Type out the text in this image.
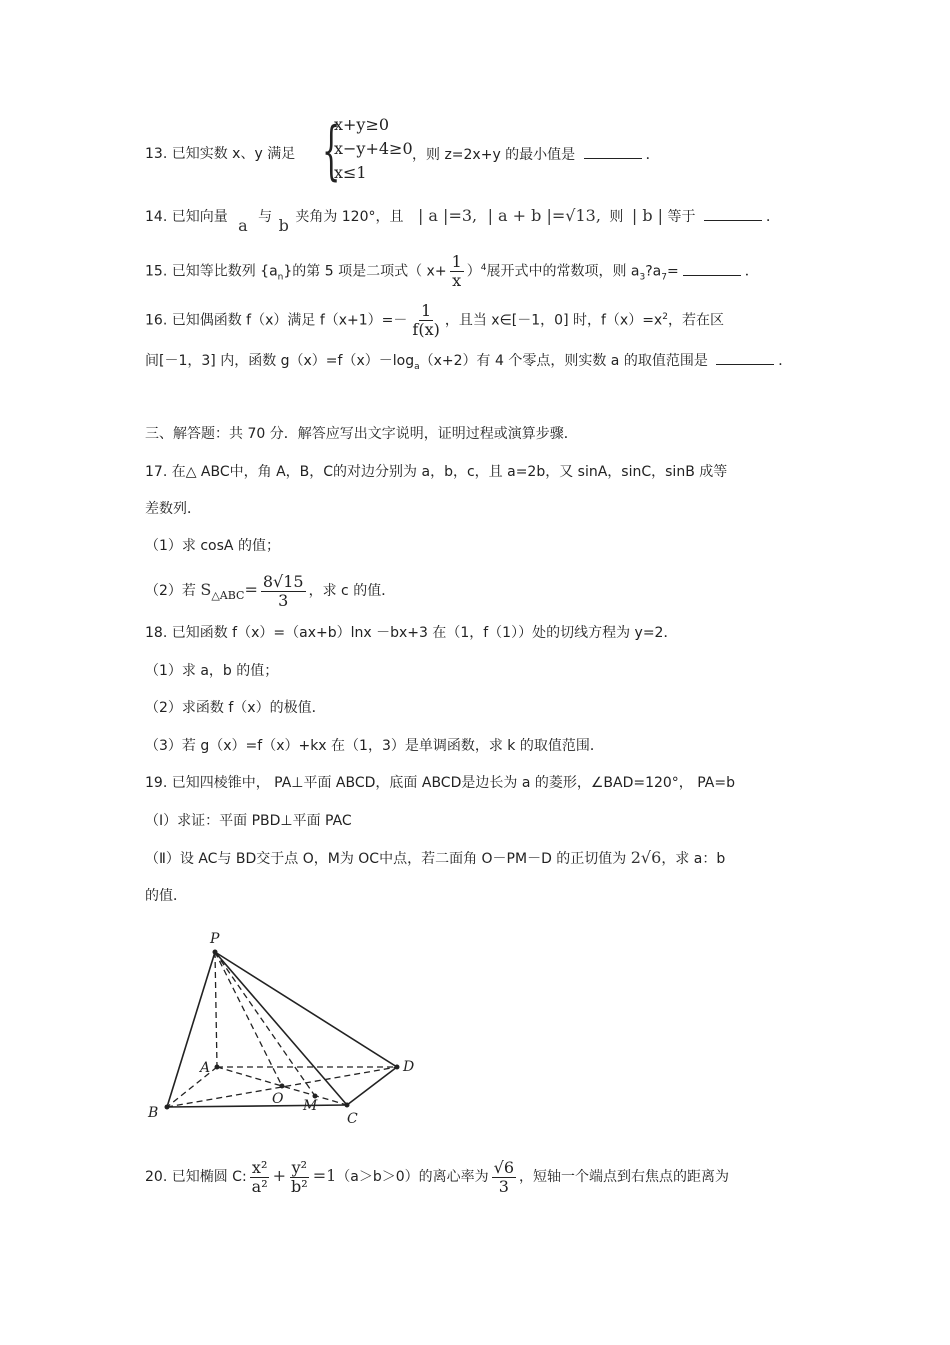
13. 已知实数 x、y 满足 {
x+y≥0
x−y+4≥0
x≤1
，则 z=2x+y 的最小值是	．
14. 已知向量 a 与 b 夹角为 120°，且 | a |=3, | a + b |=√13, 则 | b | 等于	．
15. 已知等比数列 $\{a_n\}$的第 5 项是二项式（ $x+ \frac{1}{x} )^4$展开式中的常数项，则 $a_3?a_7=$	．
16. 已知偶函数 f（x）满足 $f(x+1)=- \frac{1}{f(x)}$ ，且当 x∈[－1，0] 时，$f(x)=x^2$，若在区
间[－1，3] 内，函数 $g(x)=f(x)-\log_a(x+2)$有 4 个零点，则实数 a 的取值范围是	．
三、解答题：共 70 分．解答应写出文字说明，证明过程或演算步骤．
17. 在△ ABC中，角 A，B，C的对边分别为 a，b，c，且 a=2b，又 sinA，sinC，sinB 成等
差数列．
（1）求 cosA 的值；
（2）若 $S_{\triangle ABC}= \frac{8√15}{3}$ ，求 c 的值．
18. 已知函数 f（x）=（ax+b）lnx －bx+3 在（1，f（1））处的切线方程为 y=2．
（1）求 a，b 的值；
（2）求函数 f（x）的极值．
（3）若 g（x）=f（x）+kx 在（1，3）是单调函数，求 k 的取值范围．
19. 已知四棱锥中， PA⊥平面 ABCD，底面 ABCD是边长为 a 的菱形，∠BAD=120°， PA=b
（Ⅰ）求证：平面 PBD⊥平面 PAC
（Ⅱ）设 AC与 BD交于点 O，M为 OC中点，若二面角 O－PM－D 的正切值为 2√6，求 a：b
的值．
P
A
B	C
D
O M
20. 已知椭圆 C: $\frac{\text{x²}}{\text{a²}} + \frac{\text{y²}}{\text{b²}} =1(a>b>0)$的离心率为 $\frac{√6}{3}$ ，短轴一个端点到右焦点的距离为
